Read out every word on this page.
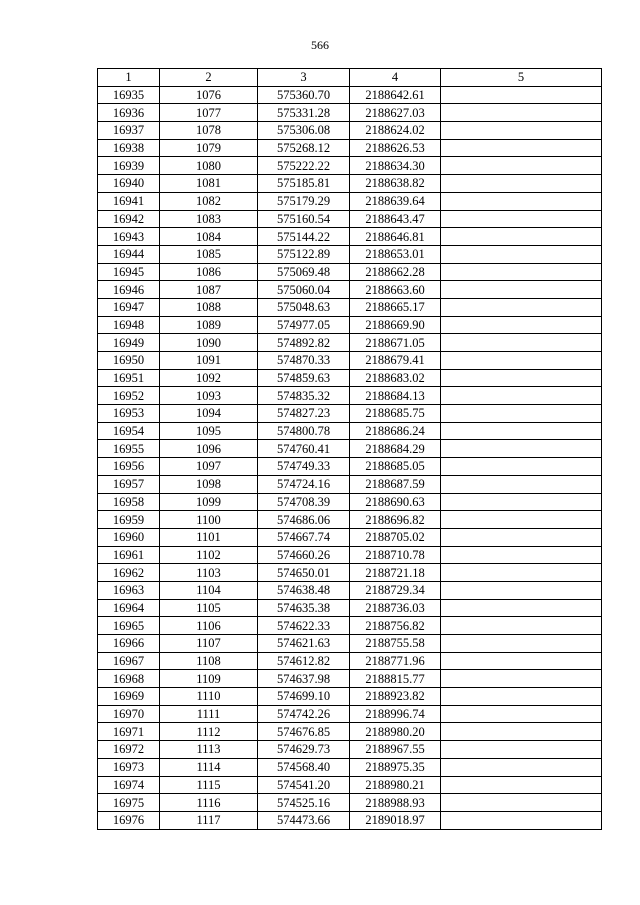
566
1	2	3	4	5
16935	1076	575360.70	2188642.61	
16936	1077	575331.28	2188627.03	
16937	1078	575306.08	2188624.02	
16938	1079	575268.12	2188626.53	
16939	1080	575222.22	2188634.30	
16940	1081	575185.81	2188638.82	
16941	1082	575179.29	2188639.64	
16942	1083	575160.54	2188643.47	
16943	1084	575144.22	2188646.81	
16944	1085	575122.89	2188653.01	
16945	1086	575069.48	2188662.28	
16946	1087	575060.04	2188663.60	
16947	1088	575048.63	2188665.17	
16948	1089	574977.05	2188669.90	
16949	1090	574892.82	2188671.05	
16950	1091	574870.33	2188679.41	
16951	1092	574859.63	2188683.02	
16952	1093	574835.32	2188684.13	
16953	1094	574827.23	2188685.75	
16954	1095	574800.78	2188686.24	
16955	1096	574760.41	2188684.29	
16956	1097	574749.33	2188685.05	
16957	1098	574724.16	2188687.59	
16958	1099	574708.39	2188690.63	
16959	1100	574686.06	2188696.82	
16960	1101	574667.74	2188705.02	
16961	1102	574660.26	2188710.78	
16962	1103	574650.01	2188721.18	
16963	1104	574638.48	2188729.34	
16964	1105	574635.38	2188736.03	
16965	1106	574622.33	2188756.82	
16966	1107	574621.63	2188755.58	
16967	1108	574612.82	2188771.96	
16968	1109	574637.98	2188815.77	
16969	1110	574699.10	2188923.82	
16970	1111	574742.26	2188996.74	
16971	1112	574676.85	2188980.20	
16972	1113	574629.73	2188967.55	
16973	1114	574568.40	2188975.35	
16974	1115	574541.20	2188980.21	
16975	1116	574525.16	2188988.93	
16976	1117	574473.66	2189018.97	
